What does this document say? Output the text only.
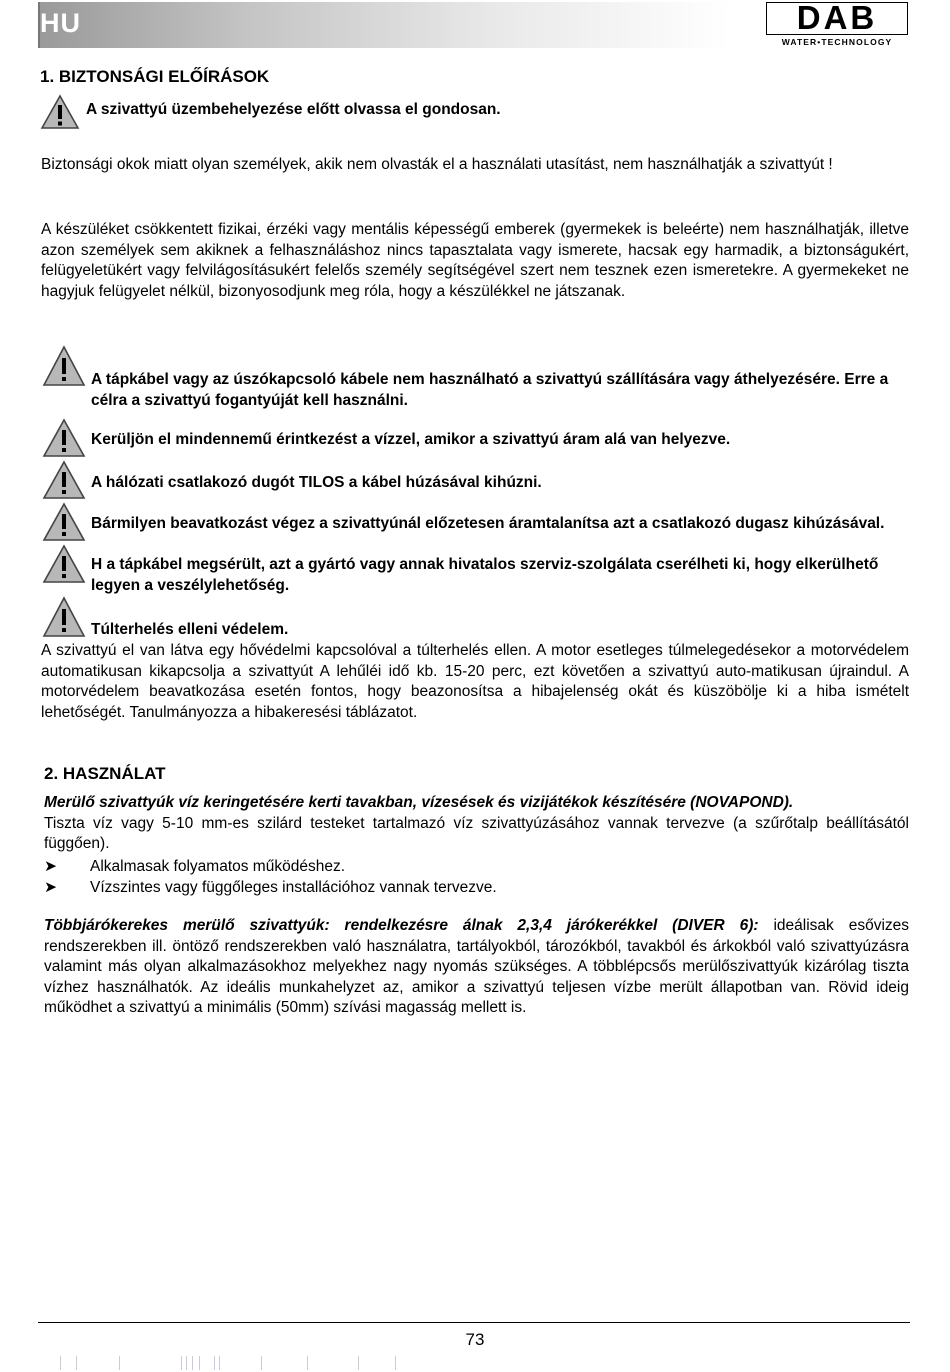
HU	DAB
WATER•TECHNOLOGY
1. BIZTONSÁGI ELŐÍRÁSOK
A szivattyú üzembehelyezése előtt olvassa el gondosan.

Biztonsági okok miatt olyan személyek, akik nem olvasták el a használati utasítást, nem használhatják a szivattyút !

A készüléket csökkentett fizikai, érzéki vagy mentális képességű emberek (gyermekek is beleérte) nem használhatják, illetve azon személyek sem akiknek a felhasználáshoz nincs tapasztalata vagy ismerete, hacsak egy harmadik, a biztonságukért, felügyeletükért vagy felvilágosításukért felelős személy segítségével szert nem tesznek ezen ismeretekre. A gyermekeket ne hagyjuk felügyelet nélkül, bizonyosodjunk meg róla, hogy a készülékkel ne játszanak.

A tápkábel vagy az úszókapcsoló kábele nem használható a szivattyú szállítására vagy áthelyezésére. Erre a célra a szivattyú fogantyúját kell használni.

Kerüljön el mindennemű érintkezést a vízzel, amikor a szivattyú áram alá van helyezve.

A hálózati csatlakozó dugót TILOS a kábel húzásával kihúzni.

Bármilyen beavatkozást végez a szivattyúnál előzetesen áramtalanítsa azt a csatlakozó dugasz kihúzásával.

H a tápkábel megsérült, azt a gyártó vagy annak hivatalos szerviz-szolgálata cserélheti ki, hogy elkerülhető legyen a veszélylehetőség.

Túlterhelés elleni védelem.

A szivattyú el van látva egy hővédelmi kapcsolóval a túlterhelés ellen. A motor esetleges túlmelegedésekor a motorvédelem automatikusan kikapcsolja a szivattyút A lehűléi idő kb. 15-20 perc, ezt követően a szivattyú auto-matikusan újraindul. A motorvédelem beavatkozása esetén fontos, hogy beazonosítsa a hibajelenség okát és küszöbölje ki a hiba ismételt lehetőségét. Tanulmányozza a hibakeresési táblázatot.

2. HASZNÁLAT

Merülő szivattyúk víz keringetésére kerti tavakban, vízesések és vizijátékok készítésére (NOVAPOND).
Tiszta víz vagy 5-10 mm-es szilárd testeket tartalmazó víz szivattyúzásához vannak tervezve (a szűrőtalp beállításától függően).

➤ Alkalmasak folyamatos működéshez.
➤ Vízszintes vagy függőleges installációhoz vannak tervezve.

Többjárókerekes merülő szivattyúk: rendelkezésre álnak 2,3,4 járókerékkel (DIVER 6): ideálisak esővizes rendszerekben ill. öntöző rendszerekben való használatra, tartályokból, tározókból, tavakból és árkokból való szivattyúzásra valamint más olyan alkalmazásokhoz melyekhez nagy nyomás szükséges. A többlépcsős merülőszivattyúk kizárólag tiszta vízhez használhatók. Az ideális munkahelyzet az, amikor a szivattyú teljesen vízbe merült állapotban van. Rövid ideig működhet a szivattyú a minimális (50mm) szívási magasság mellett is.

73
